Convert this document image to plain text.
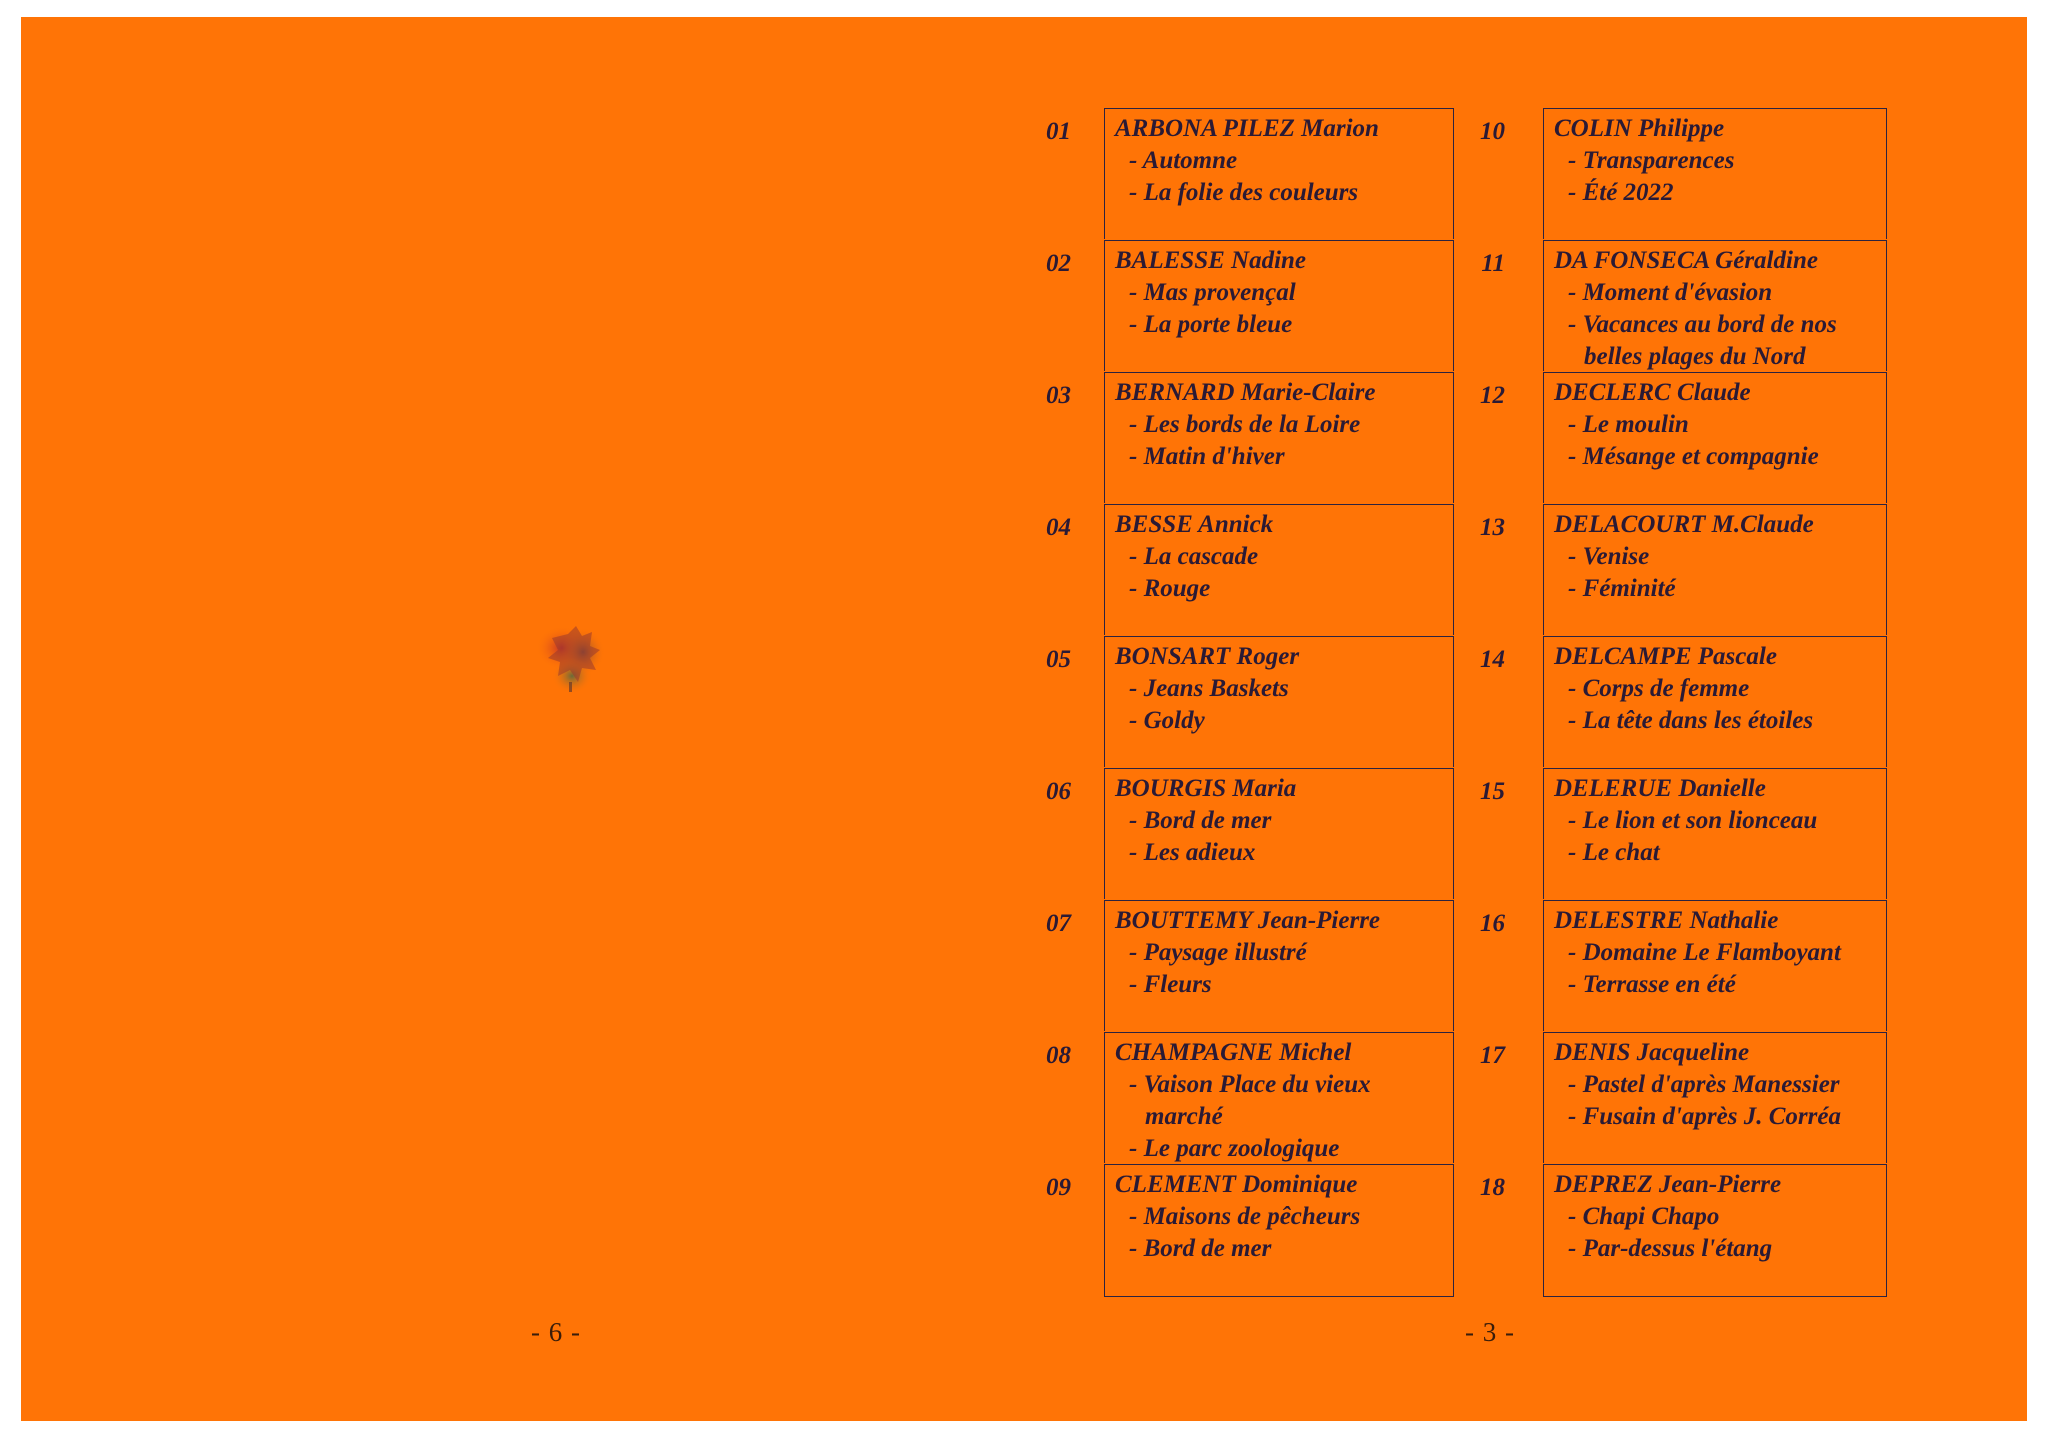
- 6 -	- 3 -
01 ARBONA PILEZ Marion
- Automne
- La folie des couleurs
02 BALESSE Nadine
- Mas provençal
- La porte bleue
03 BERNARD Marie-Claire
- Les bords de la Loire
- Matin d'hiver
04 BESSE Annick
- La cascade
- Rouge
05 BONSART Roger
- Jeans Baskets
- Goldy
06 BOURGIS Maria
- Bord de mer
- Les adieux
07 BOUTTEMY Jean-Pierre
- Paysage illustré
- Fleurs
08 CHAMPAGNE Michel
- Vaison Place du vieux
marché
- Le parc zoologique
09 CLEMENT Dominique
- Maisons de pêcheurs
- Bord de mer
10 COLIN Philippe
- Transparences
- Été 2022
11 DA FONSECA Géraldine
- Moment d'évasion
- Vacances au bord de nos
belles plages du Nord
12 DECLERC Claude
- Le moulin
- Mésange et compagnie
13 DELACOURT M.Claude
- Venise
- Féminité
14 DELCAMPE Pascale
- Corps de femme
- La tête dans les étoiles
15 DELERUE Danielle
- Le lion et son lionceau
- Le chat
16 DELESTRE Nathalie
- Domaine Le Flamboyant
- Terrasse en été
17 DENIS Jacqueline
- Pastel d'après Manessier
- Fusain d'après J. Corréa
18 DEPREZ Jean-Pierre
- Chapi Chapo
- Par-dessus l'étang
